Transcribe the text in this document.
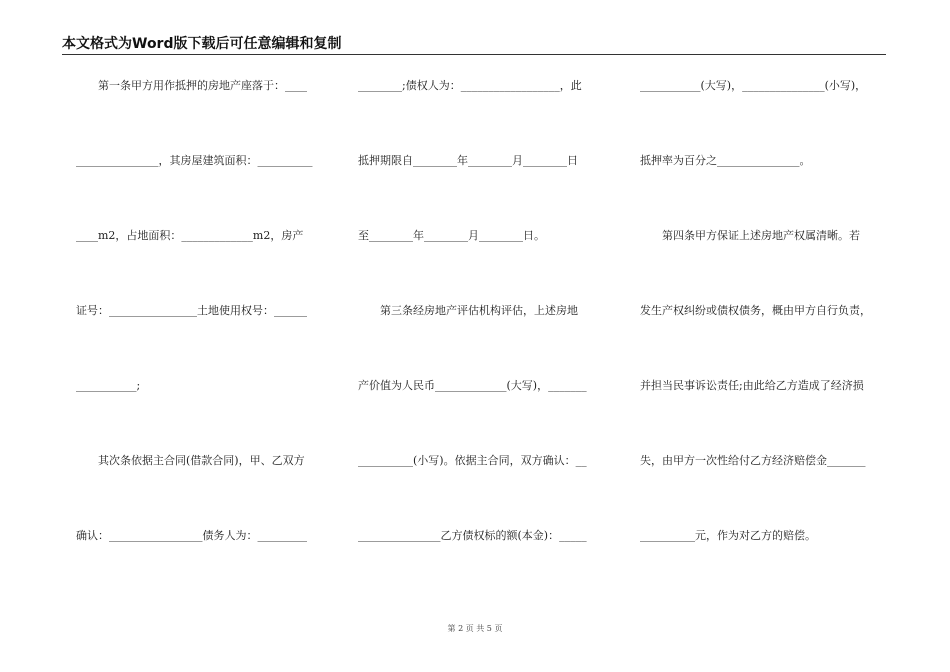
本文格式为Word版下载后可任意编辑和复制
　　第一条甲方用作抵押的房地产座落于：____
_______________，其房屋建筑面积：__________
____m2，占地面积：_____________m2，房产
证号：________________土地使用权号：______
___________;
　　其次条依据主合同(借款合同)，甲、乙双方
确认：_________________债务人为：_________
________;债权人为：__________________，此
抵押期限自________年________月________日
至________年________月________日。
　　第三条经房地产评估机构评估，上述房地
产价值为人民币_____________(大写)，_______
__________(小写)。依据主合同，双方确认：__
_______________乙方债权标的额(本金)：_____
___________(大写)，_______________(小写)，
抵押率为百分之_______________。
　　第四条甲方保证上述房地产权属清晰。若
发生产权纠纷或债权债务，概由甲方自行负责，
并担当民事诉讼责任;由此给乙方造成了经济损
失，由甲方一次性给付乙方经济赔偿金_______
__________元，作为对乙方的赔偿。
第 2 页 共 5 页
